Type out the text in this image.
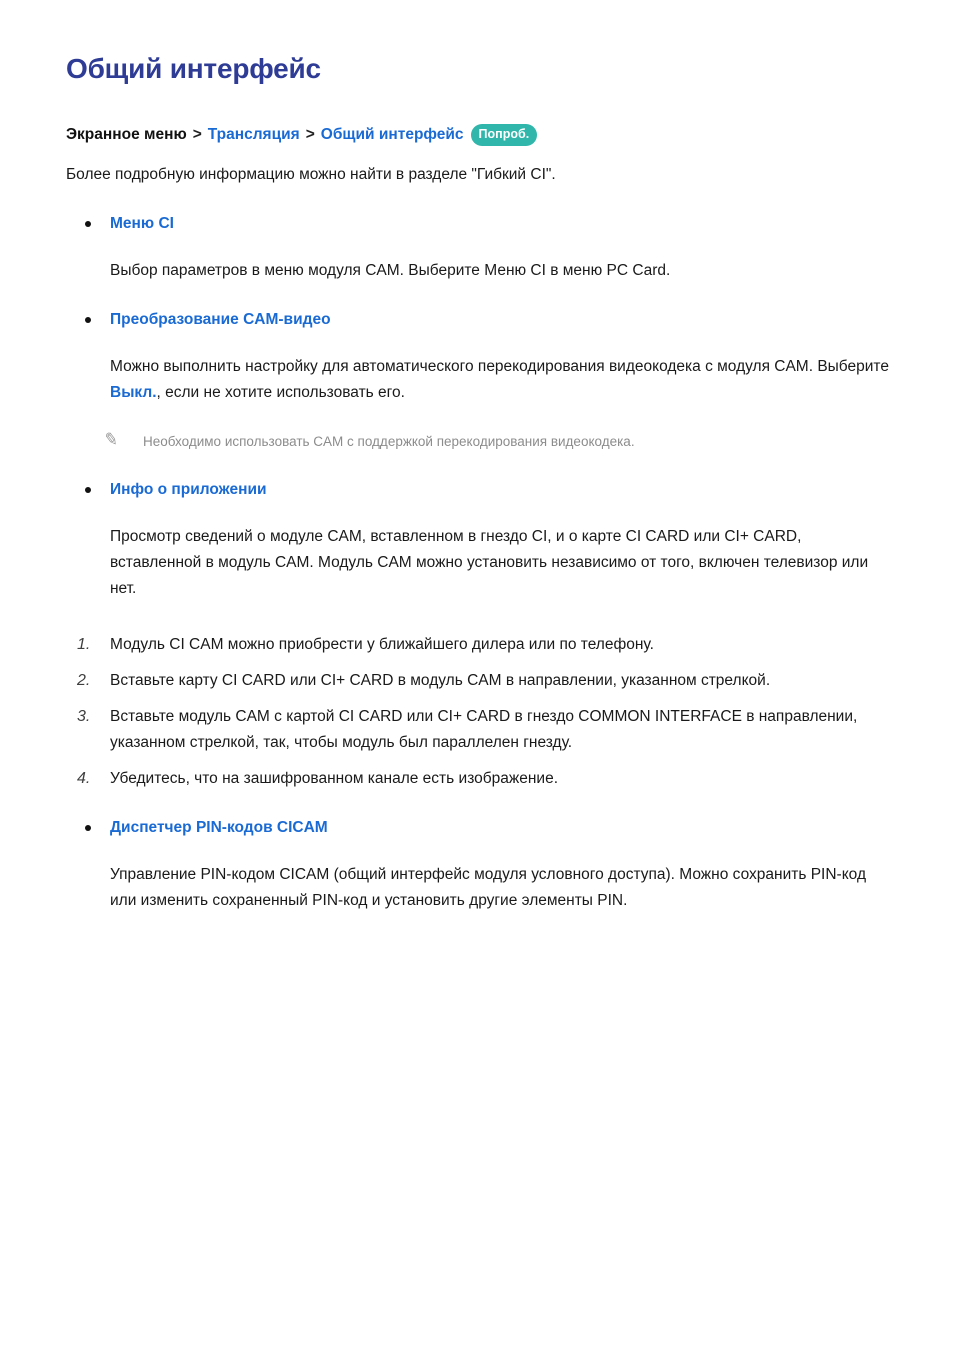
Общий интерфейс
Экранное меню > Трансляция > Общий интерфейс	Попроб.

Более подробную информацию можно найти в разделе "Гибкий CI".

Меню CI

Выбор параметров в меню модуля CAM. Выберите Меню CI в меню PC Card.

Преобразование CAM-видео

Можно выполнить настройку для автоматического перекодирования видеокодека с модуля CAM. Выберите Выкл., если не хотите использовать его.

✎ Необходимо использовать CAM с поддержкой перекодирования видеокодека.
Инфо о приложении

Просмотр сведений о модуле CAM, вставленном в гнездо CI, и о карте CI CARD или CI+ CARD, вставленной в модуль CAM. Модуль CAM можно установить независимо от того, включен телевизор или нет.

1. Модуль CI CAM можно приобрести у ближайшего дилера или по телефону.
2. Вставьте карту CI CARD или CI+ CARD в модуль CAM в направлении, указанном стрелкой.
3. Вставьте модуль CAM с картой CI CARD или CI+ CARD в гнездо COMMON INTERFACE в направлении, указанном стрелкой, так, чтобы модуль был параллелен гнезду.
4. Убедитесь, что на зашифрованном канале есть изображение.
Диспетчер PIN-кодов CICAM

Управление PIN-кодом CICAM (общий интерфейс модуля условного доступа). Можно сохранить PIN-код или изменить сохраненный PIN-код и установить другие элементы PIN.
